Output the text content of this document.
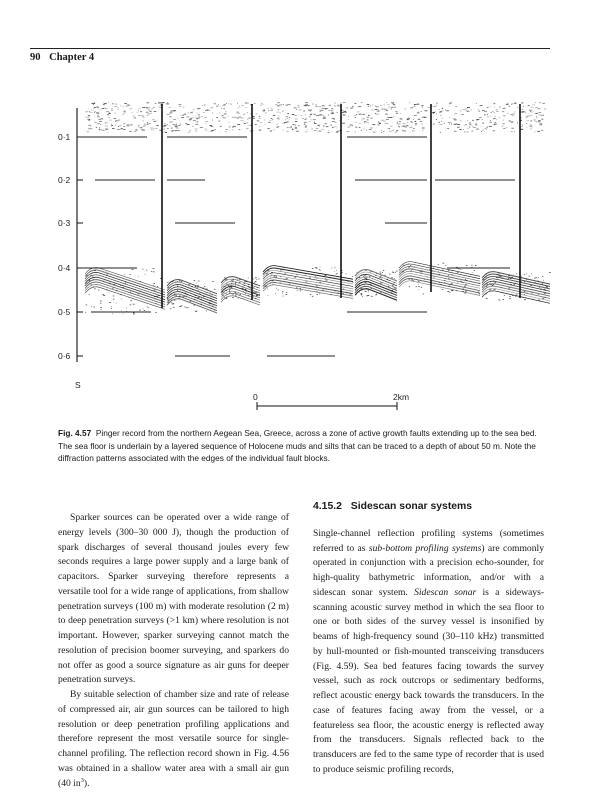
90 Chapter 4
0·1
0·2
0·3
0·4
0·5
0·6
S
0	2km
Fig. 4.57 Pinger record from the northern Aegean Sea, Greece, across a zone of active growth faults extending up to the sea bed. The sea floor is underlain by a layered sequence of Holocene muds and silts that can be traced to a depth of about 50 m. Note the diffraction patterns associated with the edges of the individual fault blocks.

Sparker sources can be operated over a wide range of energy levels (300–30 000 J), though the production of spark discharges of several thousand joules every few seconds requires a large power supply and a large bank of capacitors. Sparker surveying therefore represents a versatile tool for a wide range of applications, from shallow penetration surveys (100 m) with moderate resolution (2 m) to deep penetration surveys (>1 km) where resolution is not important. However, sparker surveying cannot match the resolution of precision boomer surveying, and sparkers do not offer as good a source signature as air guns for deeper penetration surveys.

By suitable selection of chamber size and rate of release of compressed air, air gun sources can be tailored to high resolution or deep penetration profiling applications and therefore represent the most versatile source for single-channel profiling. The reflection record shown in Fig. 4.56 was obtained in a shallow water area with a small air gun (40 $in^3$).

4.15.2 Sidescan sonar systems

Single-channel reflection profiling systems (sometimes referred to as sub-bottom profiling systems) are commonly operated in conjunction with a precision echo-sounder, for high-quality bathymetric information, and/or with a sidescan sonar system. Sidescan sonar is a sideways-scanning acoustic survey method in which the sea floor to one or both sides of the survey vessel is insonified by beams of high-frequency sound (30–110 kHz) transmitted by hull-mounted or fish-mounted transceiving transducers (Fig. 4.59). Sea bed features facing towards the survey vessel, such as rock outcrops or sedimentary bedforms, reflect acoustic energy back towards the transducers. In the case of features facing away from the vessel, or a featureless sea floor, the acoustic energy is reflected away from the transducers. Signals reflected back to the transducers are fed to the same type of recorder that is used to produce seismic profiling records,
